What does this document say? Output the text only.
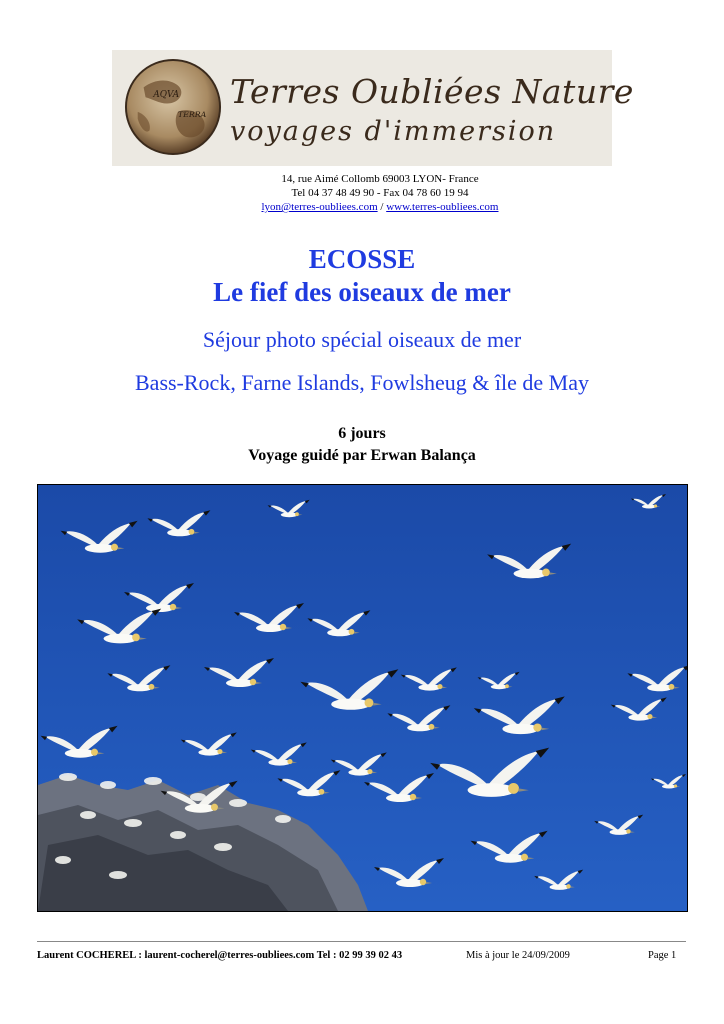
AQVA
TERRA
Terres Oubliées Nature
voyages d'immersion
14, rue Aimé Collomb 69003 LYON- France
Tel 04 37 48 49 90 - Fax 04 78 60 19 94
lyon@terres-oubliees.com / www.terres-oubliees.com
ECOSSE
Le fief des oiseaux de mer
Séjour photo spécial oiseaux de mer
Bass-Rock, Farne Islands, Fowlsheug & île de May
6 jours
Voyage guidé par Erwan Balança
Laurent COCHEREL : laurent-cocherel@terres-oubliees.com Tel : 02 99 39 02 43	Mis à jour le 24/09/2009	Page 1
